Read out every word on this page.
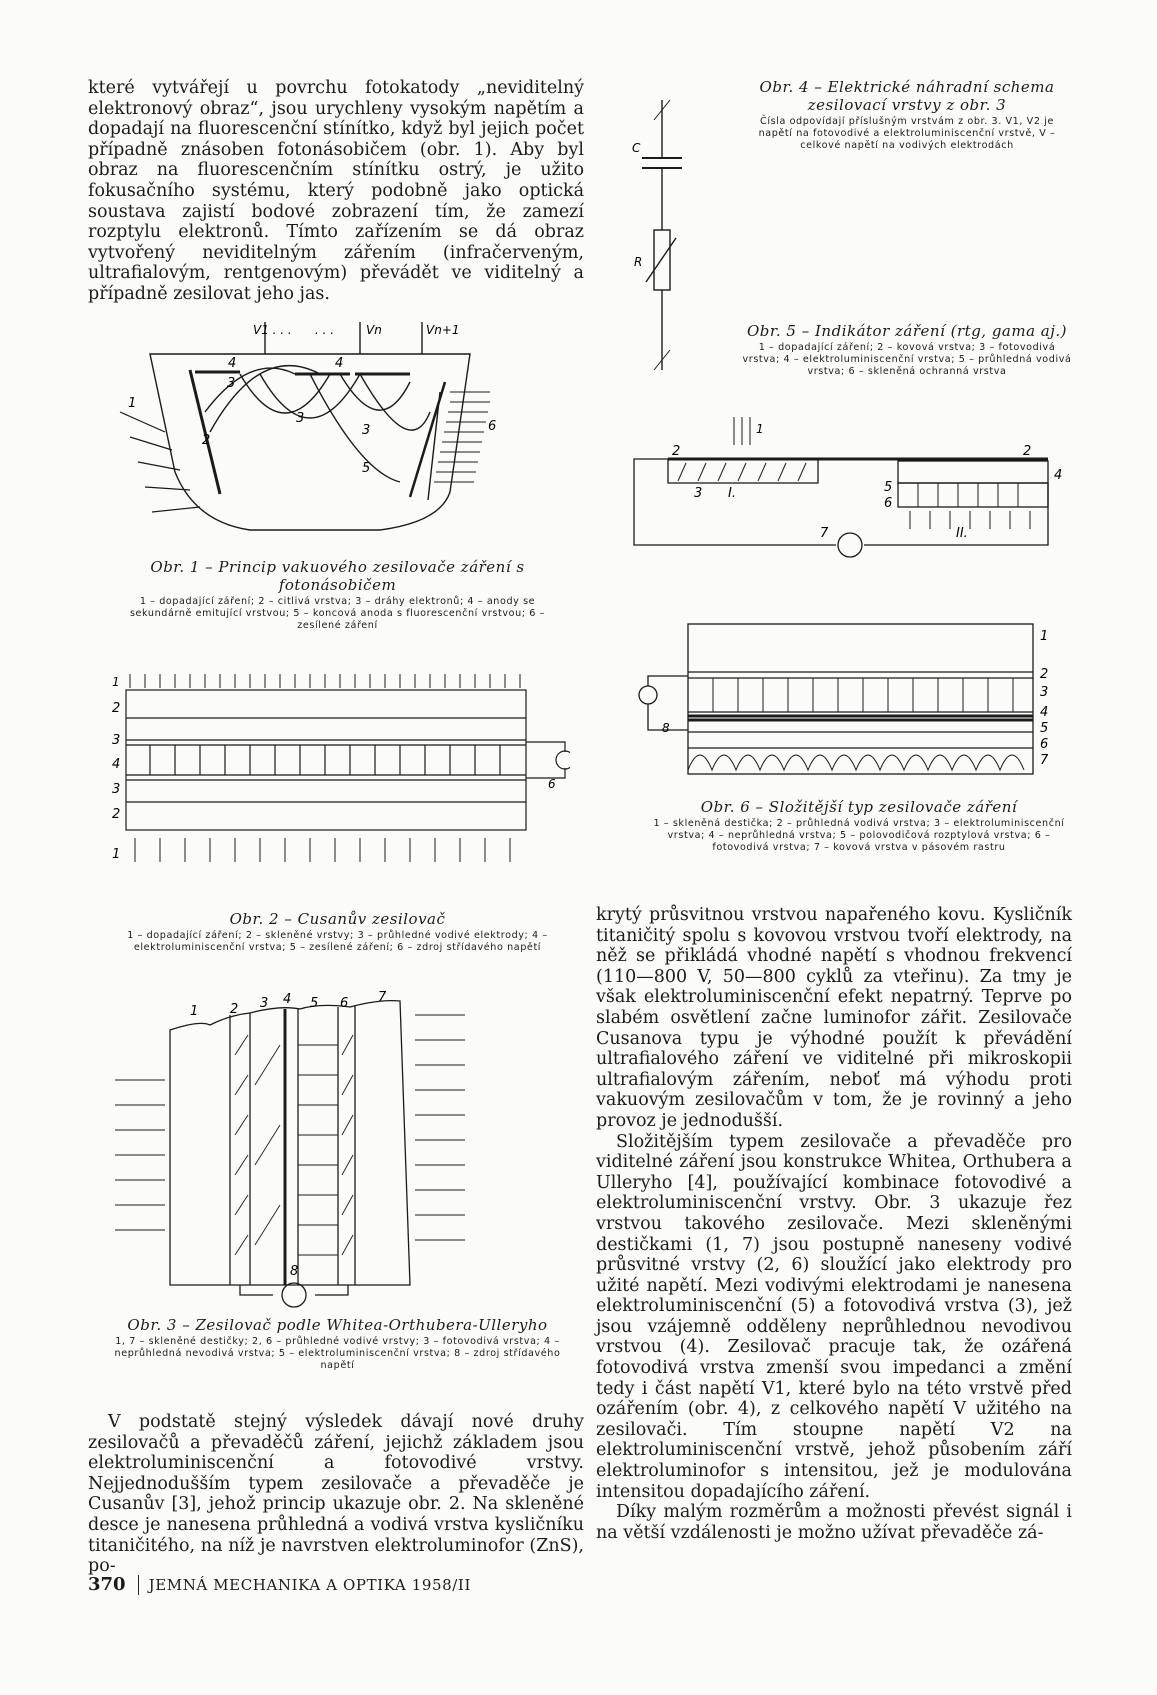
které vytvářejí u povrchu fotokatody „neviditelný elektronový obraz“, jsou urychleny vysokým napětím a dopadají na fluorescenční stínítko, když byl jejich počet případně znásoben fotonásobičem (obr. 1). Aby byl obraz na fluorescenčním stínítku ostrý, je užito fokusačního systému, který podobně jako optická soustava zajistí bodové zobrazení tím, že zamezí rozptylu elektronů. Tímto zařízením se dá obraz vytvořený neviditelným zářením (infračerveným, ultrafialovým, rentgenovým) převádět ve viditelný a případně zesilovat jeho jas.

V1 . . . . . .	Vn	Vn+1
1
2
3
3
3
4	4
5
6

Obr. 1 – Princip vakuového zesilovače záření s fotonásobičem

1 – dopadající záření; 2 – citlivá vrstva; 3 – dráhy elektronů; 4 – anody se sekundárně emitující vrstvou; 5 – koncová anoda s fluorescenční vrstvou; 6 – zesílené záření

1
2
3
4
3
2
1
6

Obr. 2 – Cusanův zesilovač

1 – dopadající záření; 2 – skleněné vrstvy; 3 – průhledné vodivé elektrody; 4 – elektroluminiscenční vrstva; 5 – zesílené záření; 6 – zdroj střídavého napětí

1 2 3 4 5 6 7
8

Obr. 3 – Zesilovač podle Whitea-Orthubera-Ulleryho

1, 7 – skleněné destičky; 2, 6 – průhledné vodivé vrstvy; 3 – fotovodivá vrstva; 4 – neprůhledná nevodivá vrstva; 5 – elektroluminiscenční vrstva; 8 – zdroj střídavého napětí

V podstatě stejný výsledek dávají nové druhy zesilovačů a převaděčů záření, jejichž základem jsou elektroluminiscenční a fotovodivé vrstvy. Nejjednodušším typem zesilovače a převaděče je Cusanův [3], jehož princip ukazuje obr. 2. Na skleněné desce je nanesena průhledná a vodivá vrstva kysličníku titaničitého, na níž je navrstven elektroluminofor (ZnS), po-

C
R

Obr. 4 – Elektrické náhradní schema zesilovací vrstvy z obr. 3

Čísla odpovídají příslušným vrstvám z obr. 3. V1, V2 je napětí na fotovodivé a elektroluminiscenční vrstvě, V – celkové napětí na vodivých elektrodách

Obr. 5 – Indikátor záření (rtg, gama aj.)

1 – dopadající záření; 2 – kovová vrstva; 3 – fotovodivá vrstva; 4 – elektroluminiscenční vrstva; 5 – průhledná vodivá vrstva; 6 – skleněná ochranná vrstva

1
2	2
3 I.
4
5
6
7	II.
1
2
3
4
5
6
7
8

Obr. 6 – Složitější typ zesilovače záření

1 – skleněná destička; 2 – průhledná vodivá vrstva; 3 – elektroluminiscenční vrstva; 4 – neprůhledná vrstva; 5 – polovodičová rozptylová vrstva; 6 – fotovodivá vrstva; 7 – kovová vrstva v pásovém rastru

krytý průsvitnou vrstvou napařeného kovu. Kysličník titaničitý spolu s kovovou vrstvou tvoří elektrody, na něž se přikládá vhodné napětí s vhodnou frekvencí (110—800 V, 50—800 cyklů za vteřinu). Za tmy je však elektroluminiscenční efekt nepatrný. Teprve po slabém osvětlení začne luminofor zářit. Zesilovače Cusanova typu je výhodné použít k převádění ultrafialového záření ve viditelné při mikroskopii ultrafialovým zářením, neboť má výhodu proti vakuovým zesilovačům v tom, že je rovinný a jeho provoz je jednodušší.

Složitějším typem zesilovače a převaděče pro viditelné záření jsou konstrukce Whitea, Orthubera a Ulleryho [4], používající kombinace fotovodivé a elektroluminiscenční vrstvy. Obr. 3 ukazuje řez vrstvou takového zesilovače. Mezi skleněnými destičkami (1, 7) jsou postupně naneseny vodivé průsvitné vrstvy (2, 6) sloužící jako elektrody pro užité napětí. Mezi vodivými elektrodami je nanesena elektroluminiscenční (5) a fotovodivá vrstva (3), jež jsou vzájemně odděleny neprůhlednou nevodivou vrstvou (4). Zesilovač pracuje tak, že ozářená fotovodivá vrstva zmenší svou impedanci a změní tedy i část napětí V1, které bylo na této vrstvě před ozářením (obr. 4), z celkového napětí V užitého na zesilovači. Tím stoupne napětí V2 na elektroluminiscenční vrstvě, jehož působením září elektroluminofor s intensitou, jež je modulována intensitou dopadajícího záření.

Díky malým rozměrům a možnosti převést signál i na větší vzdálenosti je možno užívat převaděče zá-

370 JEMNÁ MECHANIKA A OPTIKA 1958/II
